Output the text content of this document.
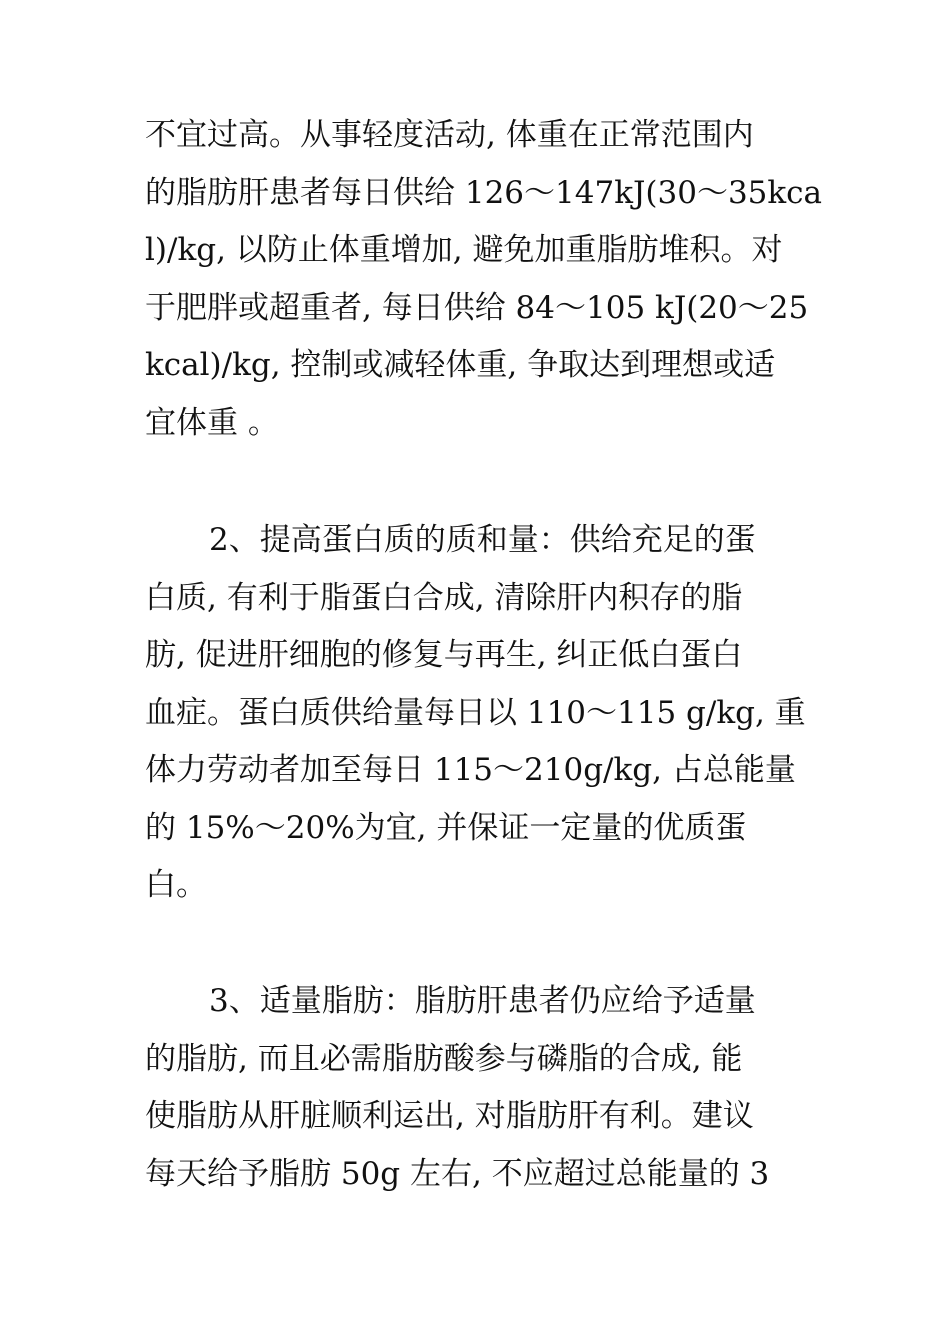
不宜过高。从事轻度活动, 体重在正常范围内
的脂肪肝患者每日供给 126～147kJ(30～35kca
l)/kg, 以防止体重增加, 避免加重脂肪堆积。对
于肥胖或超重者, 每日供给 84～105 kJ(20～25
kcal)/kg, 控制或减轻体重, 争取达到理想或适
宜体重 。
2、提高蛋白质的质和量：供给充足的蛋
白质, 有利于脂蛋白合成, 清除肝内积存的脂
肪, 促进肝细胞的修复与再生, 纠正低白蛋白
血症。蛋白质供给量每日以 110～115 g/kg, 重
体力劳动者加至每日 115～210g/kg, 占总能量
的 15%～20%为宜, 并保证一定量的优质蛋
白。
3、适量脂肪：脂肪肝患者仍应给予适量
的脂肪, 而且必需脂肪酸参与磷脂的合成, 能
使脂肪从肝脏顺利运出, 对脂肪肝有利。建议
每天给予脂肪 50g 左右, 不应超过总能量的 3
